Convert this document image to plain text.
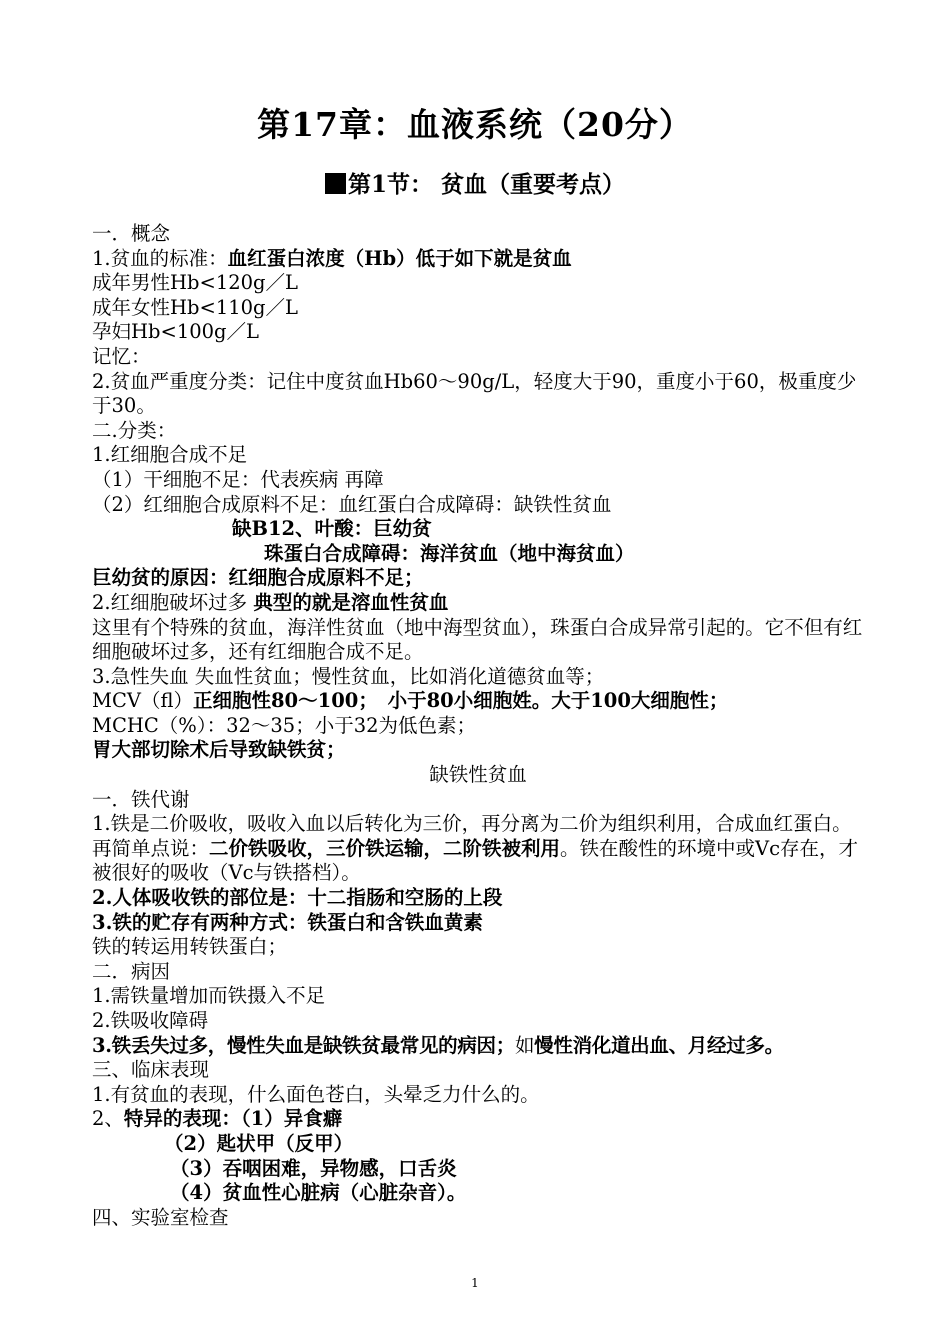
第17章：血液系统（20分）
第1节： 贫血（重要考点）
一．概念
1.贫血的标准：血红蛋白浓度（Hb）低于如下就是贫血
成年男性Hb<120g／L
成年女性Hb<110g／L
孕妇Hb<100g／L
记忆：
2.贫血严重度分类：记住中度贫血Hb60～90g/L，轻度大于90，重度小于60，极重度少于30。
二.分类：
1.红细胞合成不足
（1）干细胞不足：代表疾病 再障
（2）红细胞合成原料不足：血红蛋白合成障碍：缺铁性贫血
缺B12、叶酸：巨幼贫
珠蛋白合成障碍：海洋贫血（地中海贫血）
巨幼贫的原因：红细胞合成原料不足；
2.红细胞破坏过多 典型的就是溶血性贫血
这里有个特殊的贫血，海洋性贫血（地中海型贫血），珠蛋白合成异常引起的。它不但有红细胞破坏过多，还有红细胞合成不足。
3.急性失血 失血性贫血；慢性贫血，比如消化道德贫血等；
MCV（fl）正细胞性80～100；　小于80小细胞姓。大于100大细胞性；
MCHC（%）：32～35；小于32为低色素；
胃大部切除术后导致缺铁贫；
缺铁性贫血
一．铁代谢
1.铁是二价吸收，吸收入血以后转化为三价，再分离为二价为组织利用，合成血红蛋白。
再简单点说：二价铁吸收，三价铁运输，二阶铁被利用。铁在酸性的环境中或Vc存在，才被很好的吸收（Vc与铁搭档）。
2.人体吸收铁的部位是：十二指肠和空肠的上段
3.铁的贮存有两种方式：铁蛋白和含铁血黄素
铁的转运用转铁蛋白；
二．病因
1.需铁量增加而铁摄入不足
2.铁吸收障碍
3.铁丢失过多，慢性失血是缺铁贫最常见的病因；如慢性消化道出血、月经过多。
三、临床表现
1.有贫血的表现，什么面色苍白，头晕乏力什么的。
2、特异的表现：（1）异食癖
（2）匙状甲（反甲）
（3）吞咽困难，异物感，口舌炎
（4）贫血性心脏病（心脏杂音）。
四、实验室检查
1
